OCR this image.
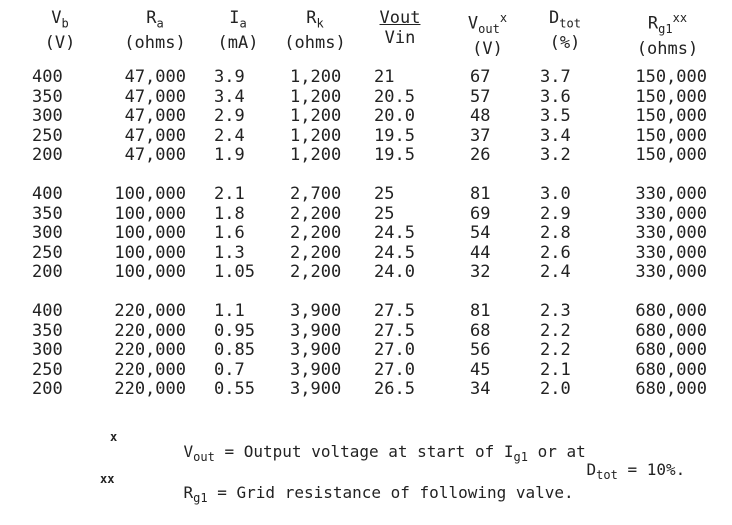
$V_b$
(V)
$R_a$
(ohms)
$I_a$
(mA)
$R_k$
(ohms)
Vout
Vin
$V_{out}^x$
(V)
$D_{tot}$
(%)
$R_{g1}^{xx}$
(ohms)
400
350
300
250
200
400
350
300
250
200
400
350
300
250
200
47,000
47,000
47,000
47,000
47,000
100,000
100,000
100,000
100,000
100,000
220,000
220,000
220,000
220,000
220,000
3.9
3.4
2.9
2.4
1.9
2.1
1.8
1.6
1.3
1.05
1.1
0.95
0.85
0.7
0.55
1,200
1,200
1,200
1,200
1,200
2,700
2,200
2,200
2,200
2,200
3,900
3,900
3,900
3,900
3,900
21
20.5
20.0
19.5
19.5
25
25
24.5
24.5
24.0
27.5
27.5
27.0
27.0
26.5
67
57
48
37
26
81
69
54
44
32
81
68
56
45
34
3.7
3.6
3.5
3.4
3.2
3.0
2.9
2.8
2.6
2.4
2.3
2.2
2.2
2.1
2.0
150,000
150,000
150,000
150,000
150,000
330,000
330,000
330,000
330,000
330,000
680,000
680,000
680,000
680,000
680,000
x

$V_{out}$ = Output voltage at start of $I_{g1}$ or at

$D_{tot} = 10\%$.

xx

$R_{g1}$ = Grid resistance of following valve.
